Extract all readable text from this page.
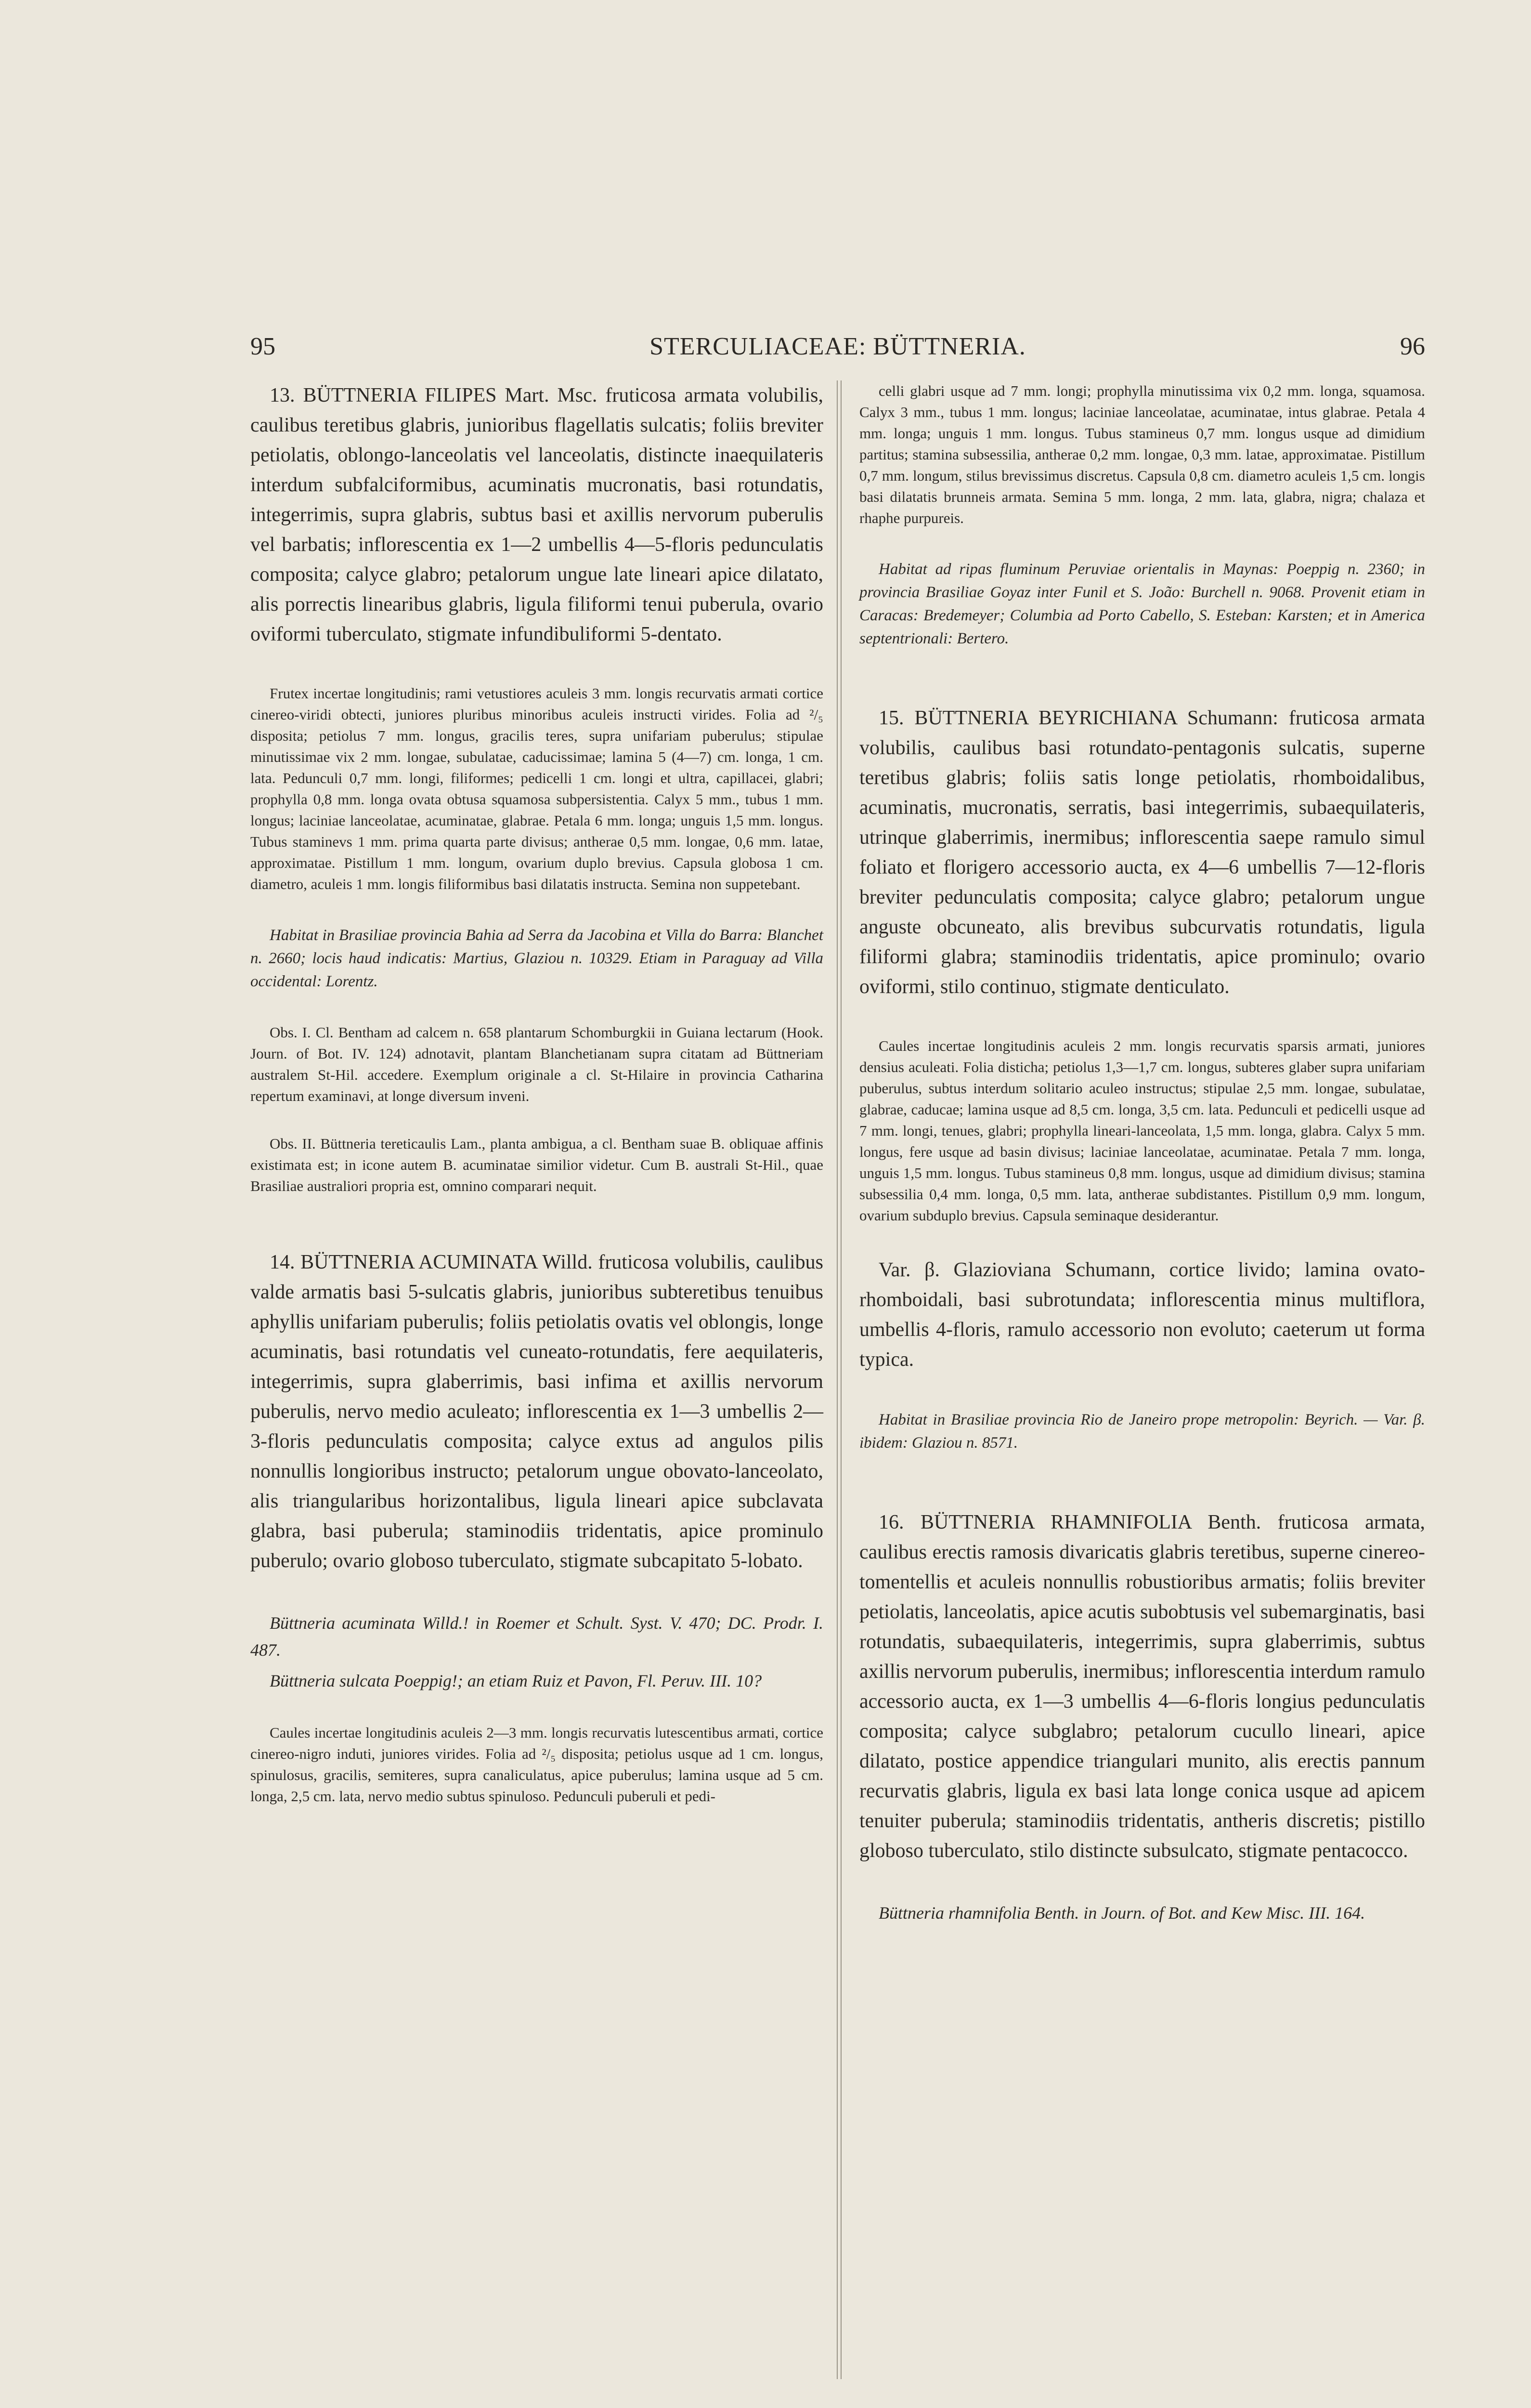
95	STERCULIACEAE: BÜTTNERIA.	96

13. BÜTTNERIA FILIPES Mart. Msc. fruticosa armata volubilis, caulibus teretibus glabris, junioribus flagellatis sulcatis; foliis breviter petiolatis, oblongo-lanceolatis vel lanceolatis, distincte inaequilateris interdum subfalciformibus, acuminatis mucronatis, basi rotundatis, integerrimis, supra glabris, subtus basi et axillis nervorum puberulis vel barbatis; inflorescentia ex 1—2 umbellis 4—5-floris pedunculatis composita; calyce glabro; petalorum ungue late lineari apice dilatato, alis porrectis linearibus glabris, ligula filiformi tenui puberula, ovario oviformi tuberculato, stigmate infundibuliformi 5-dentato.

Frutex incertae longitudinis; rami vetustiores aculeis 3 mm. longis recurvatis armati cortice cinereo-viridi obtecti, juniores pluribus minoribus aculeis instructi virides. Folia ad ²/₅ disposita; petiolus 7 mm. longus, gracilis teres, supra unifariam puberulus; stipulae minutissimae vix 2 mm. longae, subulatae, caducissimae; lamina 5 (4—7) cm. longa, 1 cm. lata. Pedunculi 0,7 mm. longi, filiformes; pedicelli 1 cm. longi et ultra, capillacei, glabri; prophylla 0,8 mm. longa ovata obtusa squamosa subpersistentia. Calyx 5 mm., tubus 1 mm. longus; laciniae lanceolatae, acuminatae, glabrae. Petala 6 mm. longa; unguis 1,5 mm. longus. Tubus staminevs 1 mm. prima quarta parte divisus; antherae 0,5 mm. longae, 0,6 mm. latae, approximatae. Pistillum 1 mm. longum, ovarium duplo brevius. Capsula globosa 1 cm. diametro, aculeis 1 mm. longis filiformibus basi dilatatis instructa. Semina non suppetebant.

Habitat in Brasiliae provincia Bahia ad Serra da Jacobina et Villa do Barra: Blanchet n. 2660; locis haud indicatis: Martius, Glaziou n. 10329. Etiam in Paraguay ad Villa occidental: Lorentz.

Obs. I. Cl. Bentham ad calcem n. 658 plantarum Schomburgkii in Guiana lectarum (Hook. Journ. of Bot. IV. 124) adnotavit, plantam Blanchetianam supra citatam ad Büttneriam australem St-Hil. accedere. Exemplum originale a cl. St-Hilaire in provincia Catharina repertum examinavi, at longe diversum inveni.

Obs. II. Büttneria tereticaulis Lam., planta ambigua, a cl. Bentham suae B. obliquae affinis existimata est; in icone autem B. acuminatae similior videtur. Cum B. australi St-Hil., quae Brasiliae australiori propria est, omnino comparari nequit.

14. BÜTTNERIA ACUMINATA Willd. fruticosa volubilis, caulibus valde armatis basi 5-sulcatis glabris, junioribus subteretibus tenuibus aphyllis unifariam puberulis; foliis petiolatis ovatis vel oblongis, longe acuminatis, basi rotundatis vel cuneato-rotundatis, fere aequilateris, integerrimis, supra glaberrimis, basi infima et axillis nervorum puberulis, nervo medio aculeato; inflorescentia ex 1—3 umbellis 2—3-floris pedunculatis composita; calyce extus ad angulos pilis nonnullis longioribus instructo; petalorum ungue obovato-lanceolato, alis triangularibus horizontalibus, ligula lineari apice subclavata glabra, basi puberula; staminodiis tridentatis, apice prominulo puberulo; ovario globoso tuberculato, stigmate subcapitato 5-lobato.

Büttneria acuminata Willd.! in Roemer et Schult. Syst. V. 470; DC. Prodr. I. 487.

Büttneria sulcata Poeppig!; an etiam Ruiz et Pavon, Fl. Peruv. III. 10?

Caules incertae longitudinis aculeis 2—3 mm. longis recurvatis lutescentibus armati, cortice cinereo-nigro induti, juniores virides. Folia ad ²/₅ disposita; petiolus usque ad 1 cm. longus, spinulosus, gracilis, semiteres, supra canaliculatus, apice puberulus; lamina usque ad 5 cm. longa, 2,5 cm. lata, nervo medio subtus spinuloso. Pedunculi puberuli et pedi-

celli glabri usque ad 7 mm. longi; prophylla minutissima vix 0,2 mm. longa, squamosa. Calyx 3 mm., tubus 1 mm. longus; laciniae lanceolatae, acuminatae, intus glabrae. Petala 4 mm. longa; unguis 1 mm. longus. Tubus stamineus 0,7 mm. longus usque ad dimidium partitus; stamina subsessilia, antherae 0,2 mm. longae, 0,3 mm. latae, approximatae. Pistillum 0,7 mm. longum, stilus brevissimus discretus. Capsula 0,8 cm. diametro aculeis 1,5 cm. longis basi dilatatis brunneis armata. Semina 5 mm. longa, 2 mm. lata, glabra, nigra; chalaza et rhaphe purpureis.

Habitat ad ripas fluminum Peruviae orientalis in Maynas: Poeppig n. 2360; in provincia Brasiliae Goyaz inter Funil et S. João: Burchell n. 9068. Provenit etiam in Caracas: Bredemeyer; Columbia ad Porto Cabello, S. Esteban: Karsten; et in America septentrionali: Bertero.

15. BÜTTNERIA BEYRICHIANA Schumann: fruticosa armata volubilis, caulibus basi rotundato-pentagonis sulcatis, superne teretibus glabris; foliis satis longe petiolatis, rhomboidalibus, acuminatis, mucronatis, serratis, basi integerrimis, subaequilateris, utrinque glaberrimis, inermibus; inflorescentia saepe ramulo simul foliato et florigero accessorio aucta, ex 4—6 umbellis 7—12-floris breviter pedunculatis composita; calyce glabro; petalorum ungue anguste obcuneato, alis brevibus subcurvatis rotundatis, ligula filiformi glabra; staminodiis tridentatis, apice prominulo; ovario oviformi, stilo continuo, stigmate denticulato.

Caules incertae longitudinis aculeis 2 mm. longis recurvatis sparsis armati, juniores densius aculeati. Folia disticha; petiolus 1,3—1,7 cm. longus, subteres glaber supra unifariam puberulus, subtus interdum solitario aculeo instructus; stipulae 2,5 mm. longae, subulatae, glabrae, caducae; lamina usque ad 8,5 cm. longa, 3,5 cm. lata. Pedunculi et pedicelli usque ad 7 mm. longi, tenues, glabri; prophylla lineari-lanceolata, 1,5 mm. longa, glabra. Calyx 5 mm. longus, fere usque ad basin divisus; laciniae lanceolatae, acuminatae. Petala 7 mm. longa, unguis 1,5 mm. longus. Tubus stamineus 0,8 mm. longus, usque ad dimidium divisus; stamina subsessilia 0,4 mm. longa, 0,5 mm. lata, antherae subdistantes. Pistillum 0,9 mm. longum, ovarium subduplo brevius. Capsula seminaque desiderantur.

Var. β. Glazioviana Schumann, cortice livido; lamina ovato-rhomboidali, basi subrotundata; inflorescentia minus multiflora, umbellis 4-floris, ramulo accessorio non evoluto; caeterum ut forma typica.

Habitat in Brasiliae provincia Rio de Janeiro prope metropolin: Beyrich. — Var. β. ibidem: Glaziou n. 8571.

16. BÜTTNERIA RHAMNIFOLIA Benth. fruticosa armata, caulibus erectis ramosis divaricatis glabris teretibus, superne cinereo-tomentellis et aculeis nonnullis robustioribus armatis; foliis breviter petiolatis, lanceolatis, apice acutis subobtusis vel subemarginatis, basi rotundatis, subaequilateris, integerrimis, supra glaberrimis, subtus axillis nervorum puberulis, inermibus; inflorescentia interdum ramulo accessorio aucta, ex 1—3 umbellis 4—6-floris longius pedunculatis composita; calyce subglabro; petalorum cucullo lineari, apice dilatato, postice appendice triangulari munito, alis erectis pannum recurvatis glabris, ligula ex basi lata longe conica usque ad apicem tenuiter puberula; staminodiis tridentatis, antheris discretis; pistillo globoso tuberculato, stilo distincte subsulcato, stigmate pentacocco.

Büttneria rhamnifolia Benth. in Journ. of Bot. and Kew Misc. III. 164.
